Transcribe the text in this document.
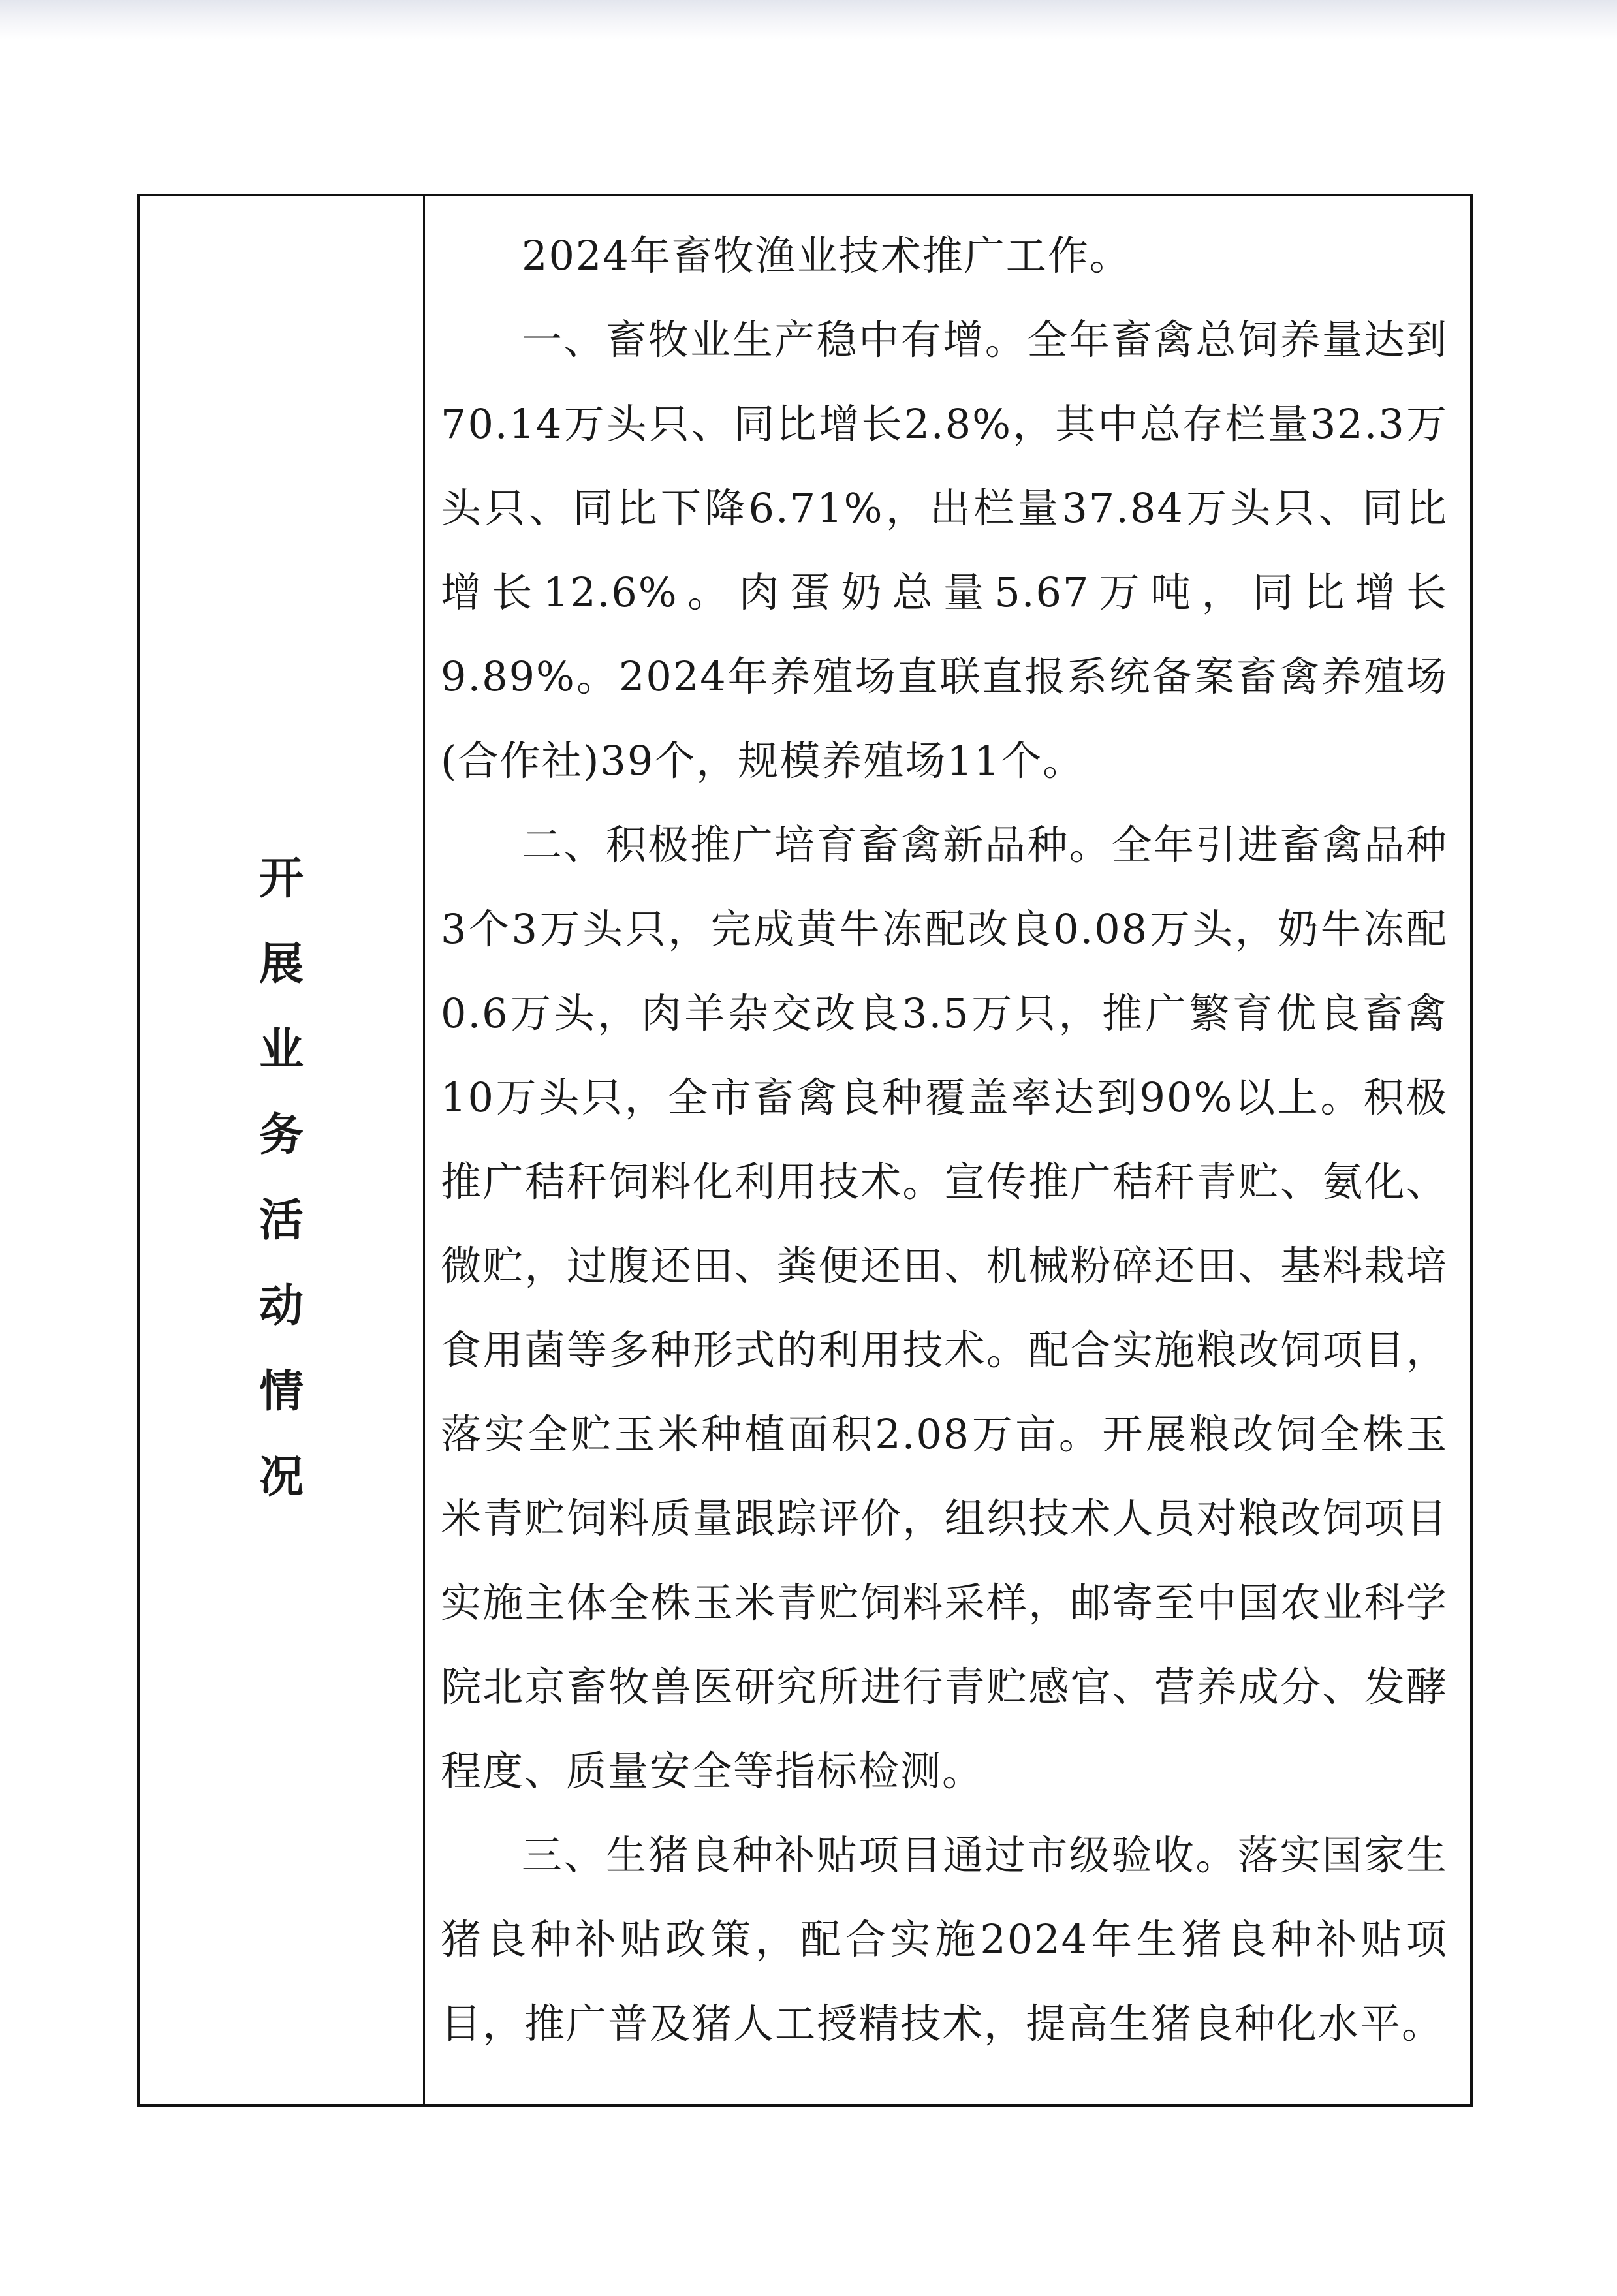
开
展
业
务
活
动
情
况

2024年畜牧渔业技术推广工作。

一、畜牧业生产稳中有增。全年畜禽总饲养量达到70.14万头只、同比增长2.8%，其中总存栏量32.3万头只、同比下降6.71%，出栏量37.84万头只、同比增长12.6%。肉蛋奶总量5.67万吨，同比增长9.89%。2024年养殖场直联直报系统备案畜禽养殖场(合作社)39个，规模养殖场11个。

二、积极推广培育畜禽新品种。全年引进畜禽品种3个3万头只，完成黄牛冻配改良0.08万头，奶牛冻配0.6万头，肉羊杂交改良3.5万只，推广繁育优良畜禽10万头只，全市畜禽良种覆盖率达到90%以上。积极推广秸秆饲料化利用技术。宣传推广秸秆青贮、氨化、微贮，过腹还田、粪便还田、机械粉碎还田、基料栽培食用菌等多种形式的利用技术。配合实施粮改饲项目，落实全贮玉米种植面积2.08万亩。开展粮改饲全株玉米青贮饲料质量跟踪评价，组织技术人员对粮改饲项目实施主体全株玉米青贮饲料采样，邮寄至中国农业科学院北京畜牧兽医研究所进行青贮感官、营养成分、发酵程度、质量安全等指标检测。

三、生猪良种补贴项目通过市级验收。落实国家生猪良种补贴政策，配合实施2024年生猪良种补贴项目，推广普及猪人工授精技术，提高生猪良种化水平。
